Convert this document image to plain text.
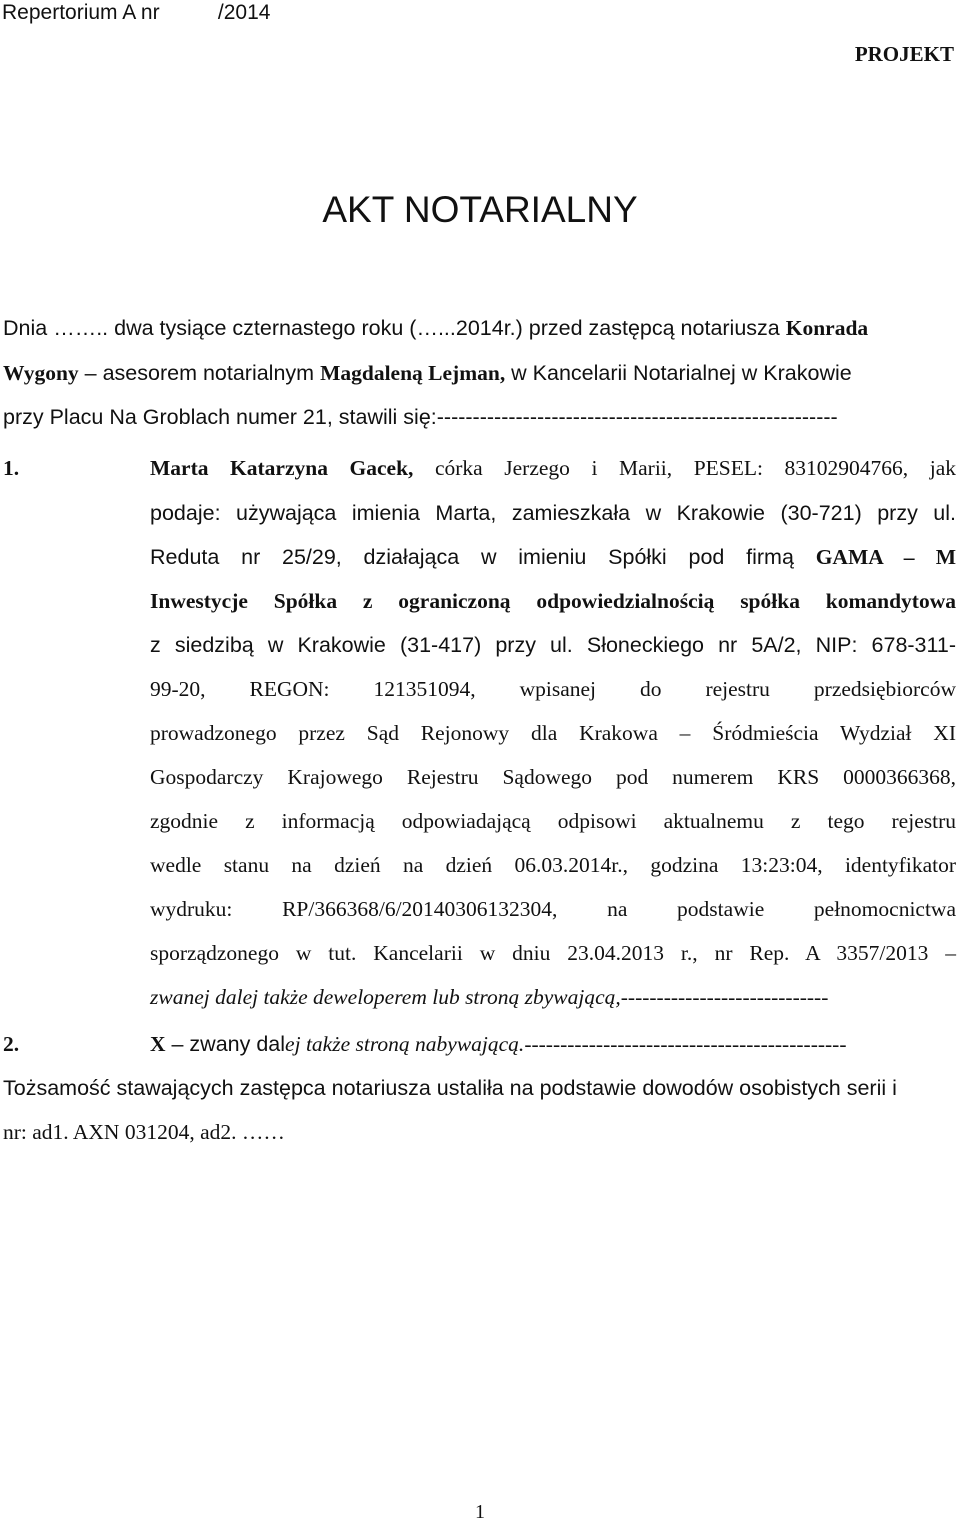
Repertorium A nr          /2014
PROJEKT
AKT NOTARIALNY
Dnia …….. dwa tysiące czternastego roku (…...2014r.) przed zastępcą notariusza Konrada
Wygony – asesorem notarialnym Magdaleną Lejman, w Kancelarii Notarialnej w Krakowie
przy Placu Na Groblach numer 21, stawili się:--------------------------------------------------------
1.	Marta Katarzyna Gacek, córka Jerzego i Marii, PESEL: 83102904766, jak
podaje: używająca imienia Marta, zamieszkała w Krakowie (30-721) przy ul.
Reduta nr 25/29, działająca w imieniu Spółki pod firmą GAMA – M
Inwestycje Spółka z ograniczoną odpowiedzialnością spółka komandytowa
z siedzibą w Krakowie (31-417) przy ul. Słoneckiego nr 5A/2, NIP: 678-311-
99-20, REGON: 121351094, wpisanej do rejestru przedsiębiorców
prowadzonego przez Sąd Rejonowy dla Krakowa – Śródmieścia Wydział XI
Gospodarczy Krajowego Rejestru Sądowego pod numerem KRS 0000366368,
zgodnie z informacją odpowiadającą odpisowi aktualnemu z tego rejestru
wedle stanu na dzień na dzień 06.03.2014r., godzina 13:23:04, identyfikator
wydruku: RP/366368/6/20140306132304, na podstawie pełnomocnictwa
sporządzonego w tut. Kancelarii w dniu 23.04.2013 r., nr Rep. A 3357/2013 –
zwanej dalej także deweloperem lub stroną zbywającą,-----------------------------
2.	X – zwany dalej także stroną nabywającą.---------------------------------------------
Tożsamość stawających zastępca notariusza ustaliła na podstawie dowodów osobistych serii i
nr: ad1. AXN 031204, ad2. ……
1
